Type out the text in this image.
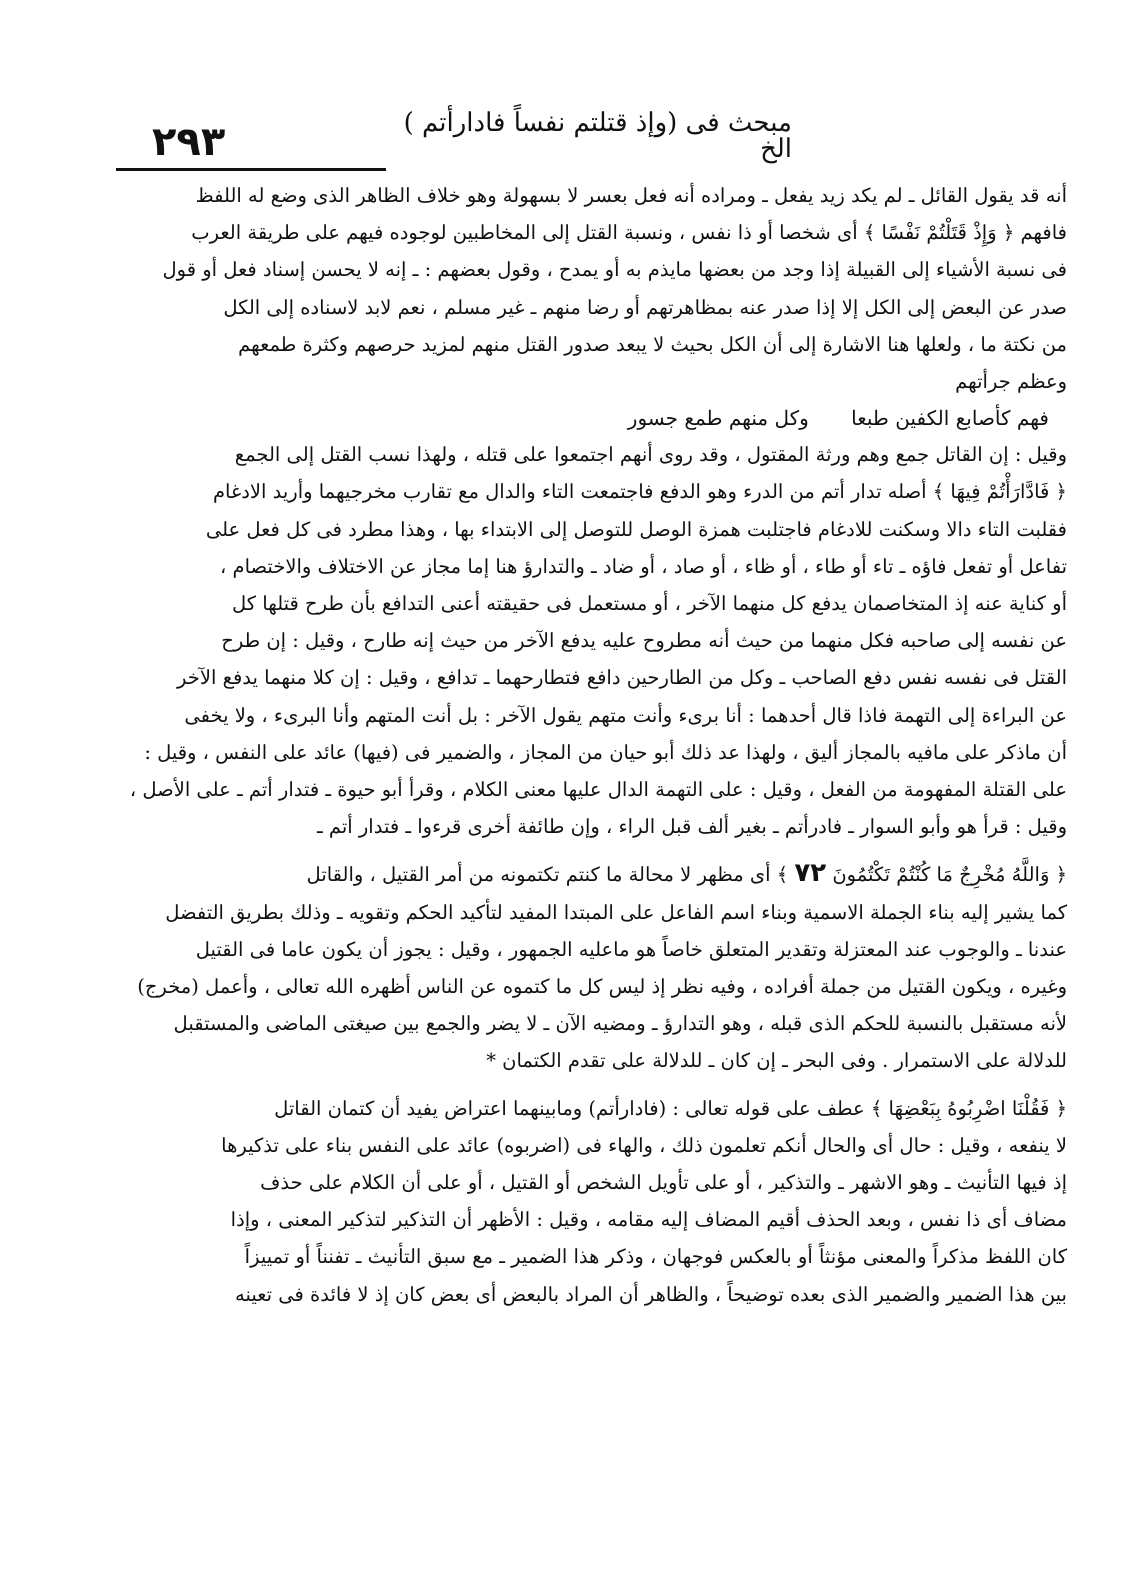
٢٩٣	مبحث فى (وإذ قتلتم نفساً فادارأتم ) الخ

أنه قد يقول القائل ـ لم يكد زيد يفعل ـ ومراده أنه فعل بعسر لا بسهولة وهو خلاف الظاهر الذى وضع له اللفظ

فافهم ﴿ وَإِذْ قَتَلْتُمْ نَفْسًا ﴾ أى شخصا أو ذا نفس ، ونسبة القتل إلى المخاطبين لوجوده فيهم على طريقة العرب

فى نسبة الأشياء إلى القبيلة إذا وجد من بعضها مايذم به أو يمدح ، وقول بعضهم : ـ إنه لا يحسن إسناد فعل أو قول

صدر عن البعض إلى الكل إلا إذا صدر عنه بمظاهرتهم أو رضا منهم ـ غير مسلم ، نعم لابد لاسناده إلى الكل

من نكتة ما ، ولعلها هنا الاشارة إلى أن الكل بحيث لا يبعد صدور القتل منهم لمزيد حرصهم وكثرة طمعهم

وعظم جرأتهم

فهم كأصابع الكفين طبعا وكل منهم طمع جسور

وقيل : إن القاتل جمع وهم ورثة المقتول ، وقد روى أنهم اجتمعوا على قتله ، ولهذا نسب القتل إلى الجمع

﴿ فَادَّارَأْتُمْ فِيهَا ﴾ أصله تدار أتم من الدرء وهو الدفع فاجتمعت التاء والدال مع تقارب مخرجيهما وأريد الادغام

فقلبت التاء دالا وسكنت للادغام فاجتلبت همزة الوصل للتوصل إلى الابتداء بها ، وهذا مطرد فى كل فعل على

تفاعل أو تفعل فاؤه ـ تاء أو طاء ، أو ظاء ، أو صاد ، أو ضاد ـ والتدارؤ هنا إما مجاز عن الاختلاف والاختصام ،

أو كناية عنه إذ المتخاصمان يدفع كل منهما الآخر ، أو مستعمل فى حقيقته أعنى التدافع بأن طرح قتلها كل

عن نفسه إلى صاحبه فكل منهما من حيث أنه مطروح عليه يدفع الآخر من حيث إنه طارح ، وقيل : إن طرح

القتل فى نفسه نفس دفع الصاحب ـ وكل من الطارحين دافع فتطارحهما ـ تدافع ، وقيل : إن كلا منهما يدفع الآخر

عن البراءة إلى التهمة فاذا قال أحدهما : أنا برىء وأنت متهم يقول الآخر : بل أنت المتهم وأنا البرىء ، ولا يخفى

أن ماذكر على مافيه بالمجاز أليق ، ولهذا عد ذلك أبو حيان من المجاز ، والضمير فى (فيها) عائد على النفس ، وقيل :

على القتلة المفهومة من الفعل ، وقيل : على التهمة الدال عليها معنى الكلام ، وقرأ أبو حيوة ـ فتدار أتم ـ على الأصل ،

وقيل : قرأ هو وأبو السوار ـ فادرأتم ـ بغير ألف قبل الراء ، وإن طائفة أخرى قرءوا ـ فتدار أتم ـ

﴿ وَاللَّهُ مُخْرِجٌ مَا كُنْتُمْ تَكْتُمُونَ ٧٢ ﴾ أى مظهر لا محالة ما كنتم تكتمونه من أمر القتيل ، والقاتل

كما يشير إليه بناء الجملة الاسمية وبناء اسم الفاعل على المبتدا المفيد لتأكيد الحكم وتقويه ـ وذلك بطريق التفضل

عندنا ـ والوجوب عند المعتزلة وتقدير المتعلق خاصاً هو ماعليه الجمهور ، وقيل : يجوز أن يكون عاما فى القتيل

وغيره ، ويكون القتيل من جملة أفراده ، وفيه نظر إذ ليس كل ما كتموه عن الناس أظهره الله تعالى ، وأعمل (مخرج)

لأنه مستقبل بالنسبة للحكم الذى قبله ، وهو التدارؤ ـ ومضيه الآن ـ لا يضر والجمع بين صيغتى الماضى والمستقبل

للدلالة على الاستمرار . وفى البحر ـ إن كان ـ للدلالة على تقدم الكتمان *

﴿ فَقُلْنَا اضْرِبُوهُ بِبَعْضِهَا ﴾ عطف على قوله تعالى : (فادارأتم) ومابينهما اعتراض يفيد أن كتمان القاتل

لا ينفعه ، وقيل : حال أى والحال أنكم تعلمون ذلك ، والهاء فى (اضربوه) عائد على النفس بناء على تذكيرها

إذ فيها التأنيث ـ وهو الاشهر ـ والتذكير ، أو على تأويل الشخص أو القتيل ، أو على أن الكلام على حذف

مضاف أى ذا نفس ، وبعد الحذف أقيم المضاف إليه مقامه ، وقيل : الأظهر أن التذكير لتذكير المعنى ، وإذا

كان اللفظ مذكراً والمعنى مؤنثاً أو بالعكس فوجهان ، وذكر هذا الضمير ـ مع سبق التأنيث ـ تفنناً أو تمييزاً

بين هذا الضمير والضمير الذى بعده توضيحاً ، والظاهر أن المراد بالبعض أى بعض كان إذ لا فائدة فى تعينه
